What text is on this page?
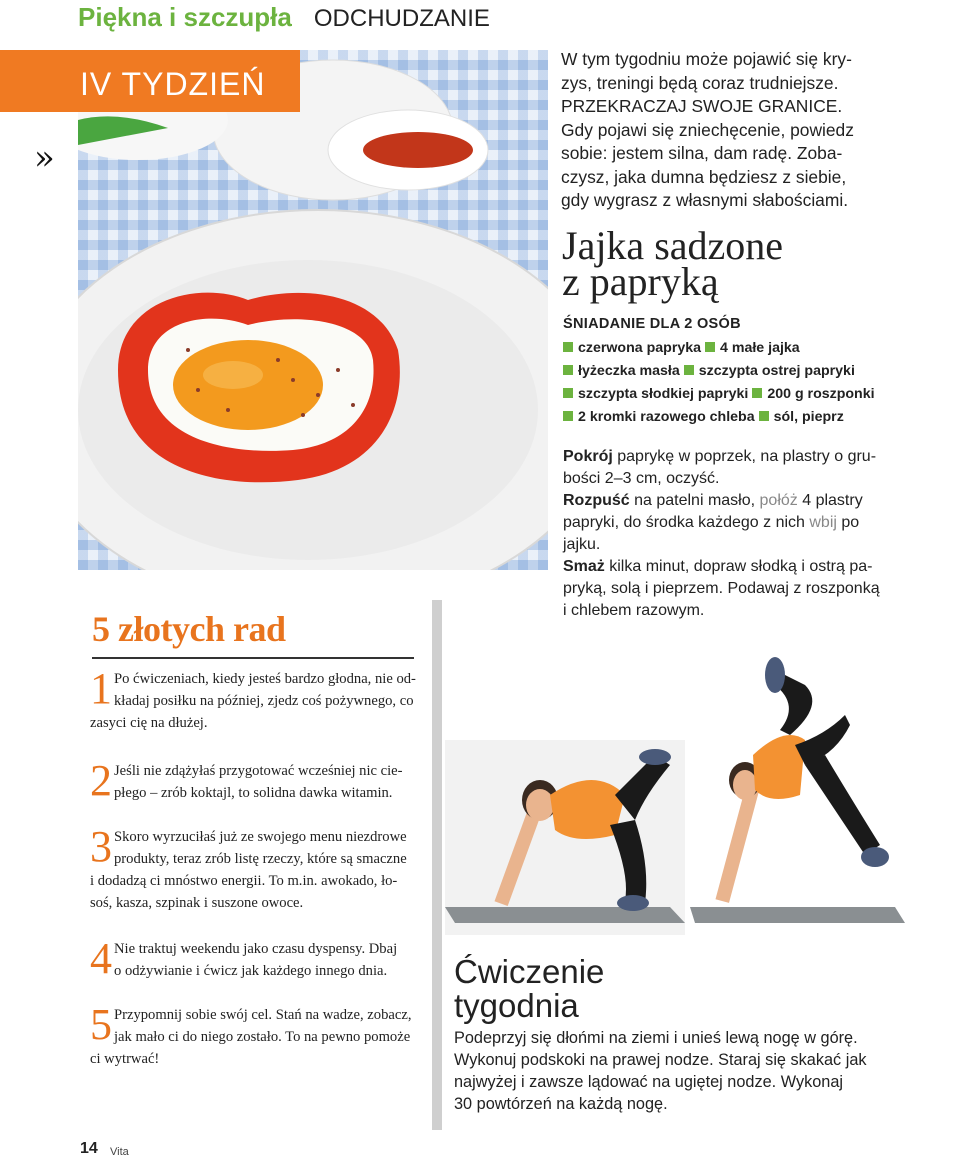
Piękna i szczupła ODCHUDZANIE
IV TYDZIEŃ
»
W tym tygodniu może pojawić się kry-
zys, treningi będą coraz trudniejsze.
PRZEKRACZAJ SWOJE GRANICE.
Gdy pojawi się zniechęcenie, powiedz
sobie: jestem silna, dam radę. Zoba-
czysz, jaka dumna będziesz z siebie,
gdy wygrasz z własnymi słabościami.
Jajka sadzone
z papryką
ŚNIADANIE DLA 2 OSÓB
czerwona papryka 4 małe jajka
łyżeczka masła szczypta ostrej papryki
szczypta słodkiej papryki 200 g roszponki
2 kromki razowego chleba sól, pieprz
Pokrój paprykę w poprzek, na plastry o gru-
bości 2–3 cm, oczyść.
Rozpuść na patelni masło, połóż 4 plastry
papryki, do środka każdego z nich wbij po
jajku.
Smaż kilka minut, dopraw słodką i ostrą pa-
pryką, solą i pieprzem. Podawaj z roszponką
i chlebem razowym.
5 złotych rad
1 Po ćwiczeniach, kiedy jesteś bardzo głodna, nie od-
kładaj posiłku na później, zjedz coś pożywnego, co
zasyci cię na dłużej.
2 Jeśli nie zdążyłaś przygotować wcześniej nic cie-
płego – zrób koktajl, to solidna dawka witamin.
3 Skoro wyrzuciłaś już ze swojego menu niezdrowe
produkty, teraz zrób listę rzeczy, które są smaczne
i dodadzą ci mnóstwo energii. To m.in. awokado, ło-
soś, kasza, szpinak i suszone owoce.
4 Nie traktuj weekendu jako czasu dyspensy. Dbaj
o odżywianie i ćwicz jak każdego innego dnia.
5 Przypomnij sobie swój cel. Stań na wadze, zobacz,
jak mało ci do niego zostało. To na pewno pomoże
ci wytrwać!
Ćwiczenie
tygodnia
Podeprzyj się dłońmi na ziemi i unieś lewą nogę w górę.
Wykonuj podskoki na prawej nodze. Staraj się skakać jak
najwyżej i zawsze lądować na ugiętej nodze. Wykonaj
30 powtórzeń na każdą nogę.
14 Vita
